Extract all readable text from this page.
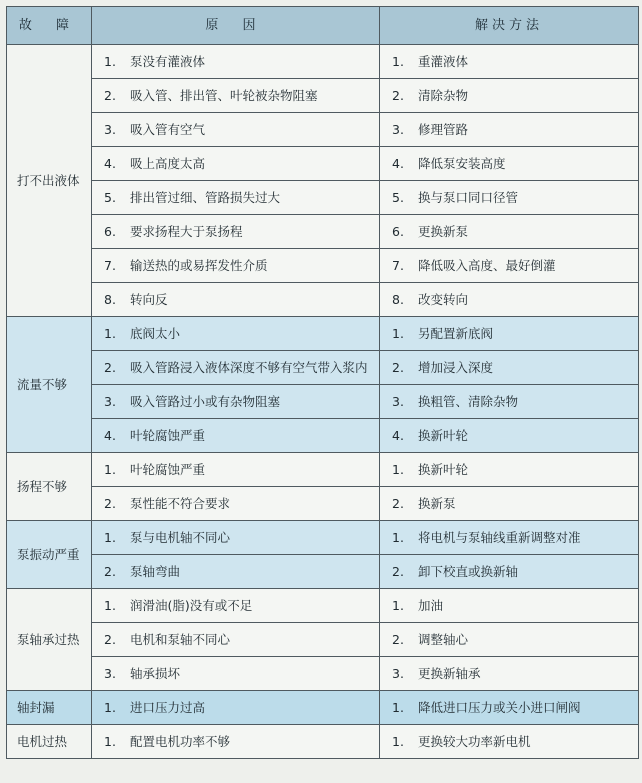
故 障	原 因	解决方法
打不出液体	1. 泵没有灌液体	1. 重灌液体
	2. 吸入管、排出管、叶轮被杂物阻塞	2. 清除杂物
	3. 吸入管有空气	3. 修理管路
	4. 吸上高度太高	4. 降低泵安装高度
	5. 排出管过细、管路损失过大	5. 换与泵口同口径管
	6. 要求扬程大于泵扬程	6. 更换新泵
	7. 输送热的或易挥发性介质	7. 降低吸入高度、最好倒灌
	8. 转向反	8. 改变转向
流量不够	1. 底阀太小	1. 另配置新底阀
	2. 吸入管路浸入液体深度不够有空气带入浆内	2. 增加浸入深度
	3. 吸入管路过小或有杂物阻塞	3. 换粗管、清除杂物
	4. 叶轮腐蚀严重	4. 换新叶轮
扬程不够	1. 叶轮腐蚀严重	1. 换新叶轮
	2. 泵性能不符合要求	2. 换新泵
泵振动严重	1. 泵与电机轴不同心	1. 将电机与泵轴线重新调整对准
	2. 泵轴弯曲	2. 卸下校直或换新轴
泵轴承过热	1. 润滑油(脂)没有或不足	1. 加油
	2. 电机和泵轴不同心	2. 调整轴心
	3. 轴承损坏	3. 更换新轴承
轴封漏	1. 进口压力过高	1. 降低进口压力或关小进口闸阀
电机过热	1. 配置电机功率不够	1. 更换较大功率新电机
